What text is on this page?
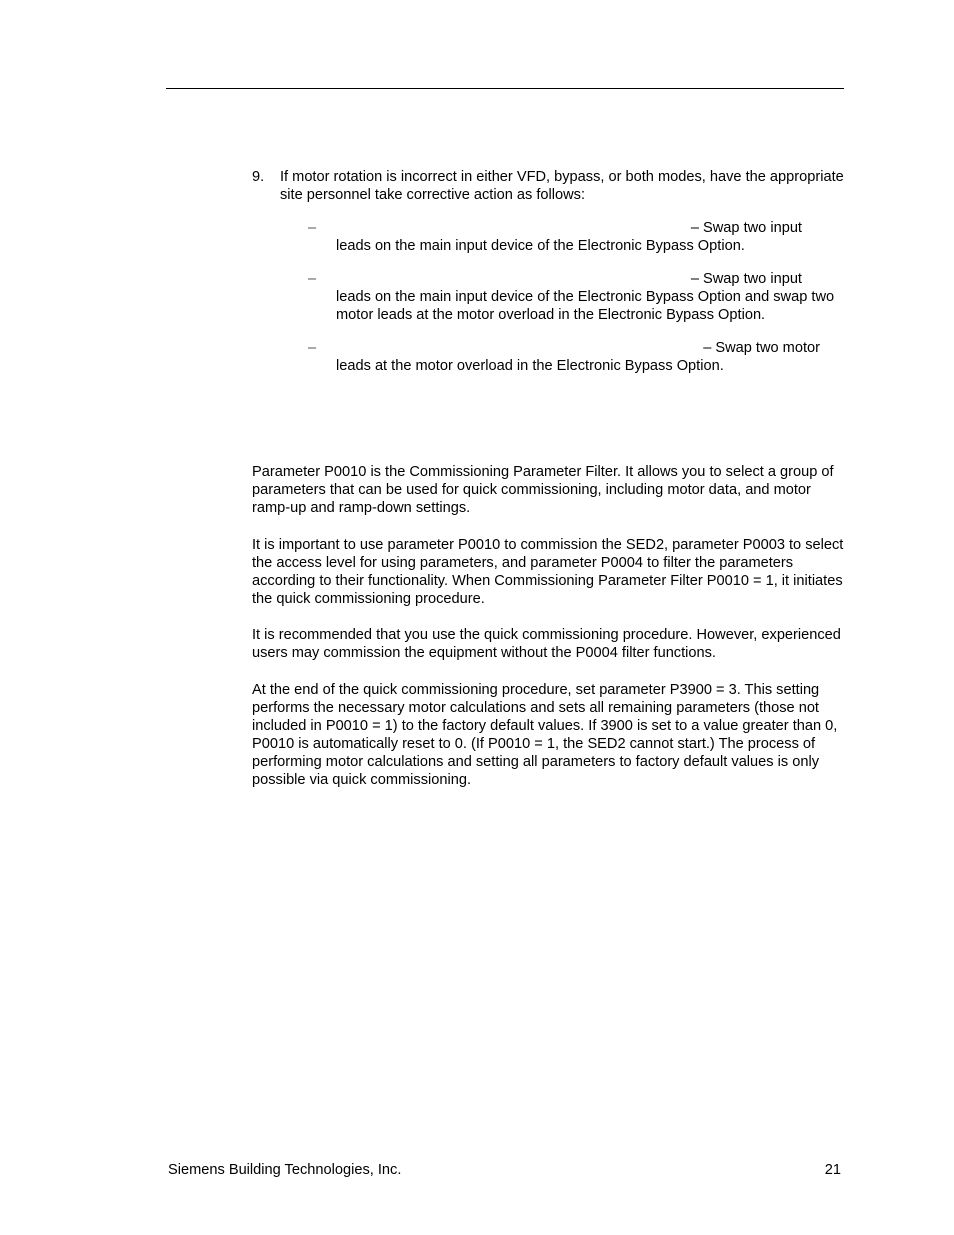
9. If motor rotation is incorrect in either VFD, bypass, or both modes, have the appropriate site personnel take corrective action as follows:
–	– Swap two input
leads on the main input device of the Electronic Bypass Option.
–	– Swap two input
leads on the main input device of the Electronic Bypass Option and swap two motor leads at the motor overload in the Electronic Bypass Option.
–	– Swap two motor
leads at the motor overload in the Electronic Bypass Option.

Parameter P0010 is the Commissioning Parameter Filter. It allows you to select a group of parameters that can be used for quick commissioning, including motor data, and motor ramp-up and ramp-down settings.

It is important to use parameter P0010 to commission the SED2, parameter P0003 to select the access level for using parameters, and parameter P0004 to filter the parameters according to their functionality. When Commissioning Parameter Filter P0010 = 1, it initiates the quick commissioning procedure.

It is recommended that you use the quick commissioning procedure. However, experienced users may commission the equipment without the P0004 filter functions.

At the end of the quick commissioning procedure, set parameter P3900 = 3. This setting performs the necessary motor calculations and sets all remaining parameters (those not included in P0010 = 1) to the factory default values. If 3900 is set to a value greater than 0, P0010 is automatically reset to 0. (If P0010 = 1, the SED2 cannot start.) The process of performing motor calculations and setting all parameters to factory default values is only possible via quick commissioning.

Siemens Building Technologies, Inc.	21
